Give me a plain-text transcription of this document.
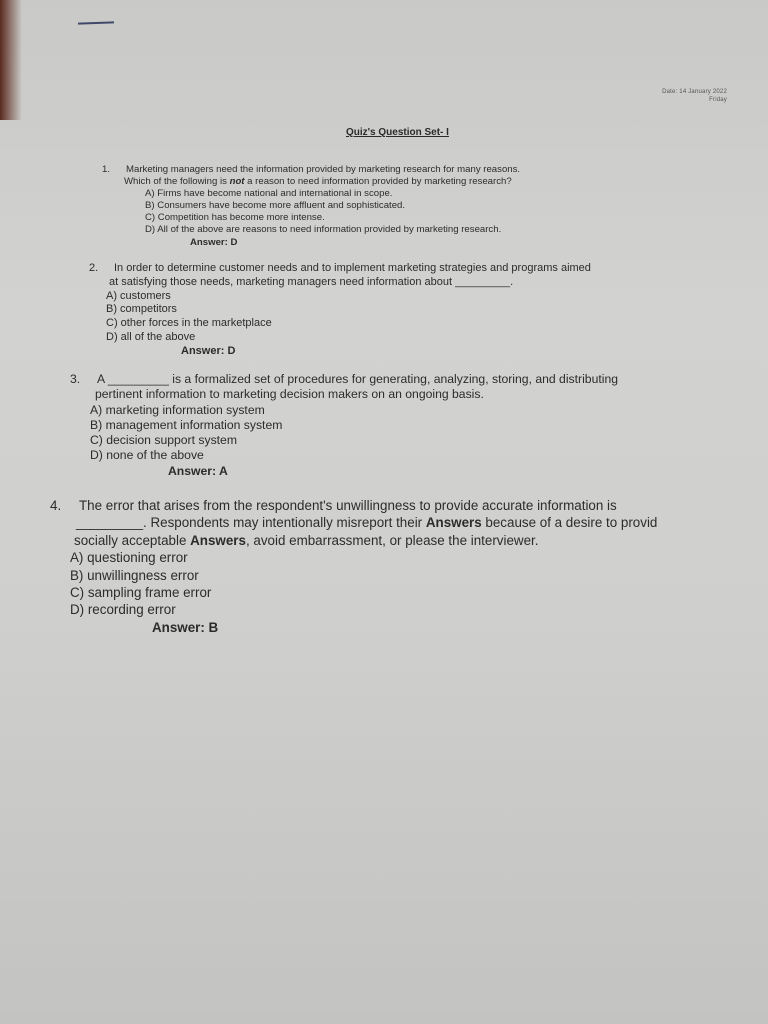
Date: 14 January 2022
Friday
Quiz's Question Set- I
1. Marketing managers need the information provided by marketing research for many reasons.
Which of the following is not a reason to need information provided by marketing research?
A) Firms have become national and international in scope.
B) Consumers have become more affluent and sophisticated.
C) Competition has become more intense.
D) All of the above are reasons to need information provided by marketing research.
Answer: D
2. In order to determine customer needs and to implement marketing strategies and programs aimed
at satisfying those needs, marketing managers need information about _________.
A) customers
B) competitors
C) other forces in the marketplace
D) all of the above
Answer: D
3. A _________ is a formalized set of procedures for generating, analyzing, storing, and distributing
pertinent information to marketing decision makers on an ongoing basis.
A) marketing information system
B) management information system
C) decision support system
D) none of the above
Answer: A
4. The error that arises from the respondent's unwillingness to provide accurate information is
_________. Respondents may intentionally misreport their Answers because of a desire to provid
socially acceptable Answers, avoid embarrassment, or please the interviewer.
A) questioning error
B) unwillingness error
C) sampling frame error
D) recording error
Answer: B
